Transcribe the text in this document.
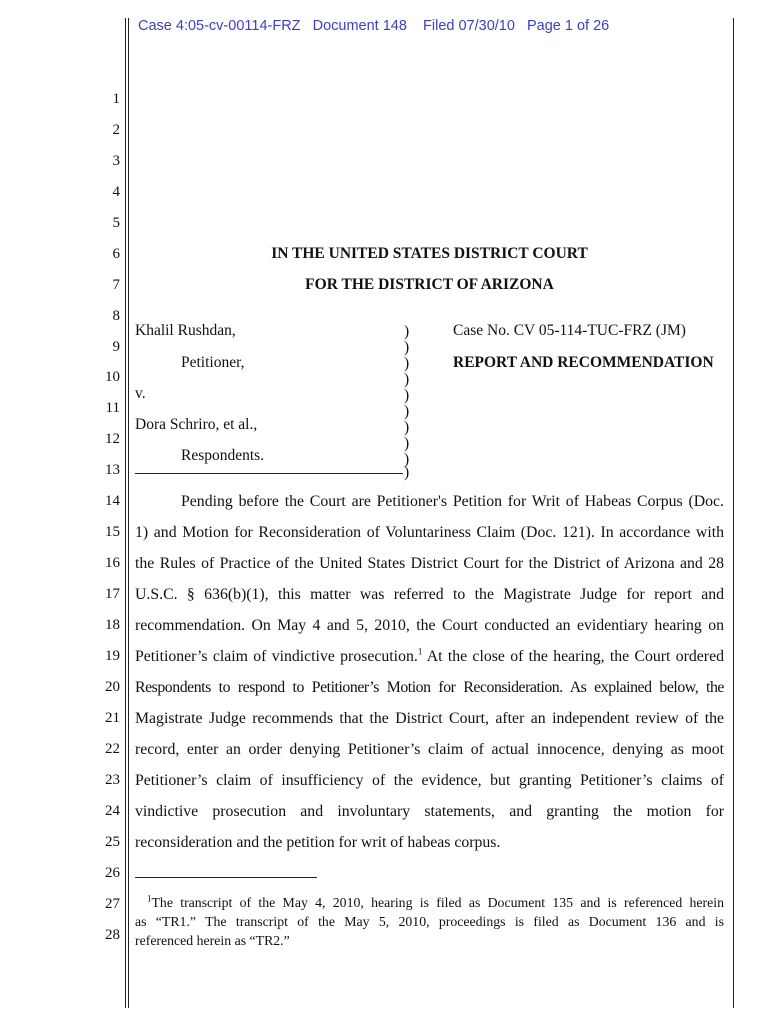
Case 4:05-cv-00114-FRZ   Document 148    Filed 07/30/10   Page 1 of 26
1
2
3
4
5
6
7
8
9
10
11
12
13
14
15
16
17
18
19
20
21
22
23
24
25
26
27
28
IN THE UNITED STATES DISTRICT COURT
FOR THE DISTRICT OF ARIZONA
Khalil Rushdan,
Petitioner,
v.
Dora Schriro, et al.,
Respondents.
)
)
)
)
)
)
)
)
)
)
Case No. CV 05-114-TUC-FRZ (JM)
REPORT AND RECOMMENDATION
Pending before the Court are Petitioner's Petition for Writ of Habeas Corpus (Doc.
1) and Motion for Reconsideration of Voluntariness Claim (Doc. 121). In accordance with
the Rules of Practice of the United States District Court for the District of Arizona and 28
U.S.C. § 636(b)(1), this matter was referred to the Magistrate Judge for report and
recommendation. On May 4 and 5, 2010, the Court conducted an evidentiary hearing on
Petitioner’s claim of vindictive prosecution.$^1$ At the close of the hearing, the Court ordered
Respondents to respond to Petitioner’s Motion for Reconsideration. As explained below, the
Magistrate Judge recommends that the District Court, after an independent review of the
record, enter an order denying Petitioner’s claim of actual innocence, denying as moot
Petitioner’s claim of insufficiency of the evidence, but granting Petitioner’s claims of
vindictive prosecution and involuntary statements, and granting the motion for
reconsideration and the petition for writ of habeas corpus.
$^1$The transcript of the May 4, 2010, hearing is filed as Document 135 and is referenced herein
as “TR1.” The transcript of the May 5, 2010, proceedings is filed as Document 136 and is
referenced herein as “TR2.”
